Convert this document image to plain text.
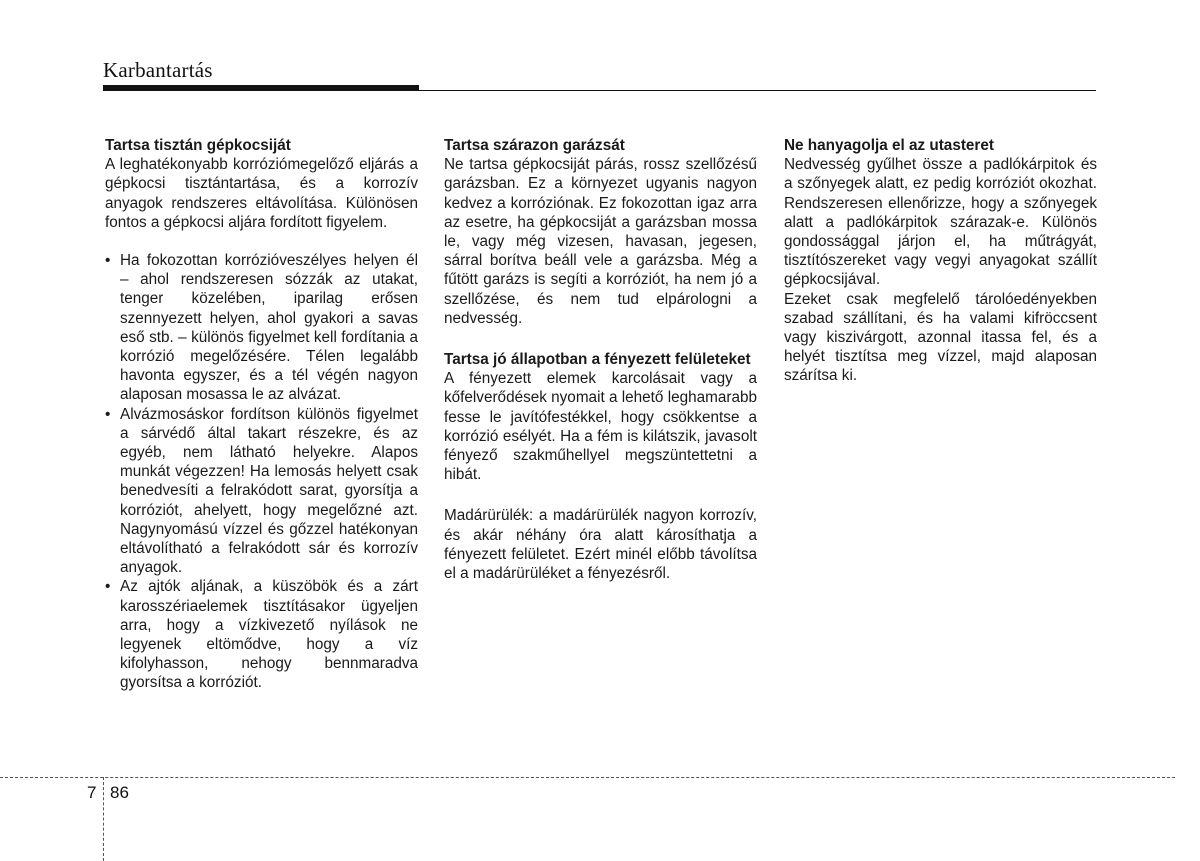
Karbantartás

Tartsa tisztán gépkocsiját

A leghatékonyabb korróziómegelőző eljárás a gépkocsi tisztántartása, és a korrozív anyagok rendszeres eltávolítása. Különösen fontos a gépkocsi aljára fordított figyelem.

• Ha fokozottan korrózióveszélyes helyen él – ahol rendszeresen sózzák az utakat, tenger közelében, iparilag erősen szennyezett helyen, ahol gyakori a savas eső stb. – különös figyelmet kell fordítania a korrózió megelőzésére. Télen legalább havonta egyszer, és a tél végén nagyon alaposan mosassa le az alvázat.
• Alvázmosáskor fordítson különös figyelmet a sárvédő által takart részekre, és az egyéb, nem látható helyekre. Alapos munkát végezzen! Ha lemosás helyett csak benedvesíti a felrakódott sarat, gyorsítja a korróziót, ahelyett, hogy megelőzné azt. Nagynyomású vízzel és gőzzel hatékonyan eltávolítható a felrakódott sár és korrozív anyagok.
• Az ajtók aljának, a küszöbök és a zárt karosszériaelemek tisztításakor ügyeljen arra, hogy a vízkivezető nyílások ne legyenek eltömődve, hogy a víz kifolyhasson, nehogy bennmaradva gyorsítsa a korróziót.

Tartsa szárazon garázsát

Ne tartsa gépkocsiját párás, rossz szellőzésű garázsban. Ez a környezet ugyanis nagyon kedvez a korróziónak. Ez fokozottan igaz arra az esetre, ha gépkocsiját a garázsban mossa le, vagy még vizesen, havasan, jegesen, sárral borítva beáll vele a garázsba. Még a fűtött garázs is segíti a korróziót, ha nem jó a szellőzése, és nem tud elpárologni a nedvesség.

Tartsa jó állapotban a fényezett felületeket

A fényezett elemek karcolásait vagy a kőfelverődések nyomait a lehető leghamarabb fesse le javítófestékkel, hogy csökkentse a korrózió esélyét. Ha a fém is kilátszik, javasolt fényező szakműhellyel megszüntettetni a hibát.

Madárürülék: a madárürülék nagyon korrozív, és akár néhány óra alatt károsíthatja a fényezett felületet. Ezért minél előbb távolítsa el a madárürüléket a fényezésről.

Ne hanyagolja el az utasteret

Nedvesség gyűlhet össze a padlókárpitok és a szőnyegek alatt, ez pedig korróziót okozhat. Rendszeresen ellenőrizze, hogy a szőnyegek alatt a padlókárpitok szárazak-e. Különös gondossággal járjon el, ha műtrágyát, tisztítószereket vagy vegyi anyagokat szállít gépkocsijával.

Ezeket csak megfelelő tárolóedényekben szabad szállítani, és ha valami kifröccsent vagy kiszivárgott, azonnal itassa fel, és a helyét tisztítsa meg vízzel, majd alaposan szárítsa ki.

7 86
